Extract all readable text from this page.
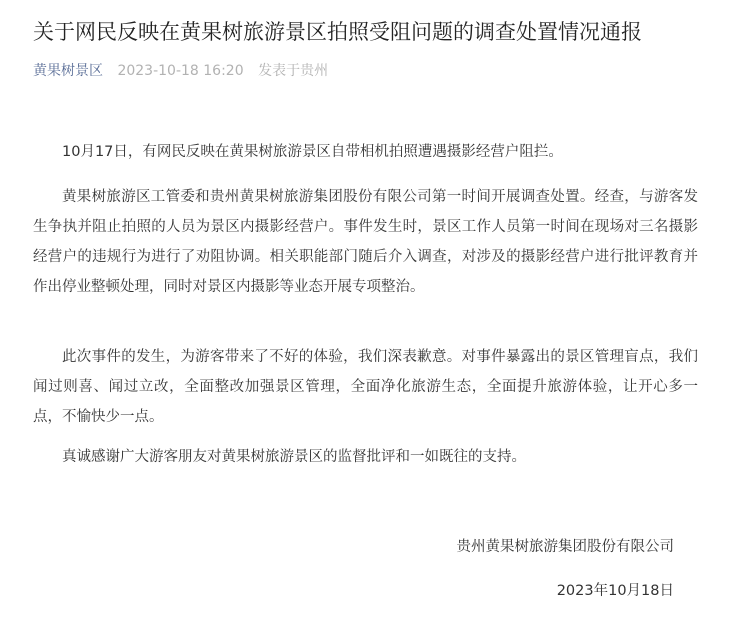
关于网民反映在黄果树旅游景区拍照受阻问题的调查处置情况通报
黄果树景区 2023-10-18 16:20 发表于贵州

10月17日，有网民反映在黄果树旅游景区自带相机拍照遭遇摄影经营户阻拦。

黄果树旅游区工管委和贵州黄果树旅游集团股份有限公司第一时间开展调查处置。经查，与游客发生争执并阻止拍照的人员为景区内摄影经营户。事件发生时，景区工作人员第一时间在现场对三名摄影经营户的违规行为进行了劝阻协调。相关职能部门随后介入调查，对涉及的摄影经营户进行批评教育并作出停业整顿处理，同时对景区内摄影等业态开展专项整治。

此次事件的发生，为游客带来了不好的体验，我们深表歉意。对事件暴露出的景区管理盲点，我们闻过则喜、闻过立改，全面整改加强景区管理，全面净化旅游生态，全面提升旅游体验，让开心多一点，不愉快少一点。

真诚感谢广大游客朋友对黄果树旅游景区的监督批评和一如既往的支持。

贵州黄果树旅游集团股份有限公司
2023年10月18日
